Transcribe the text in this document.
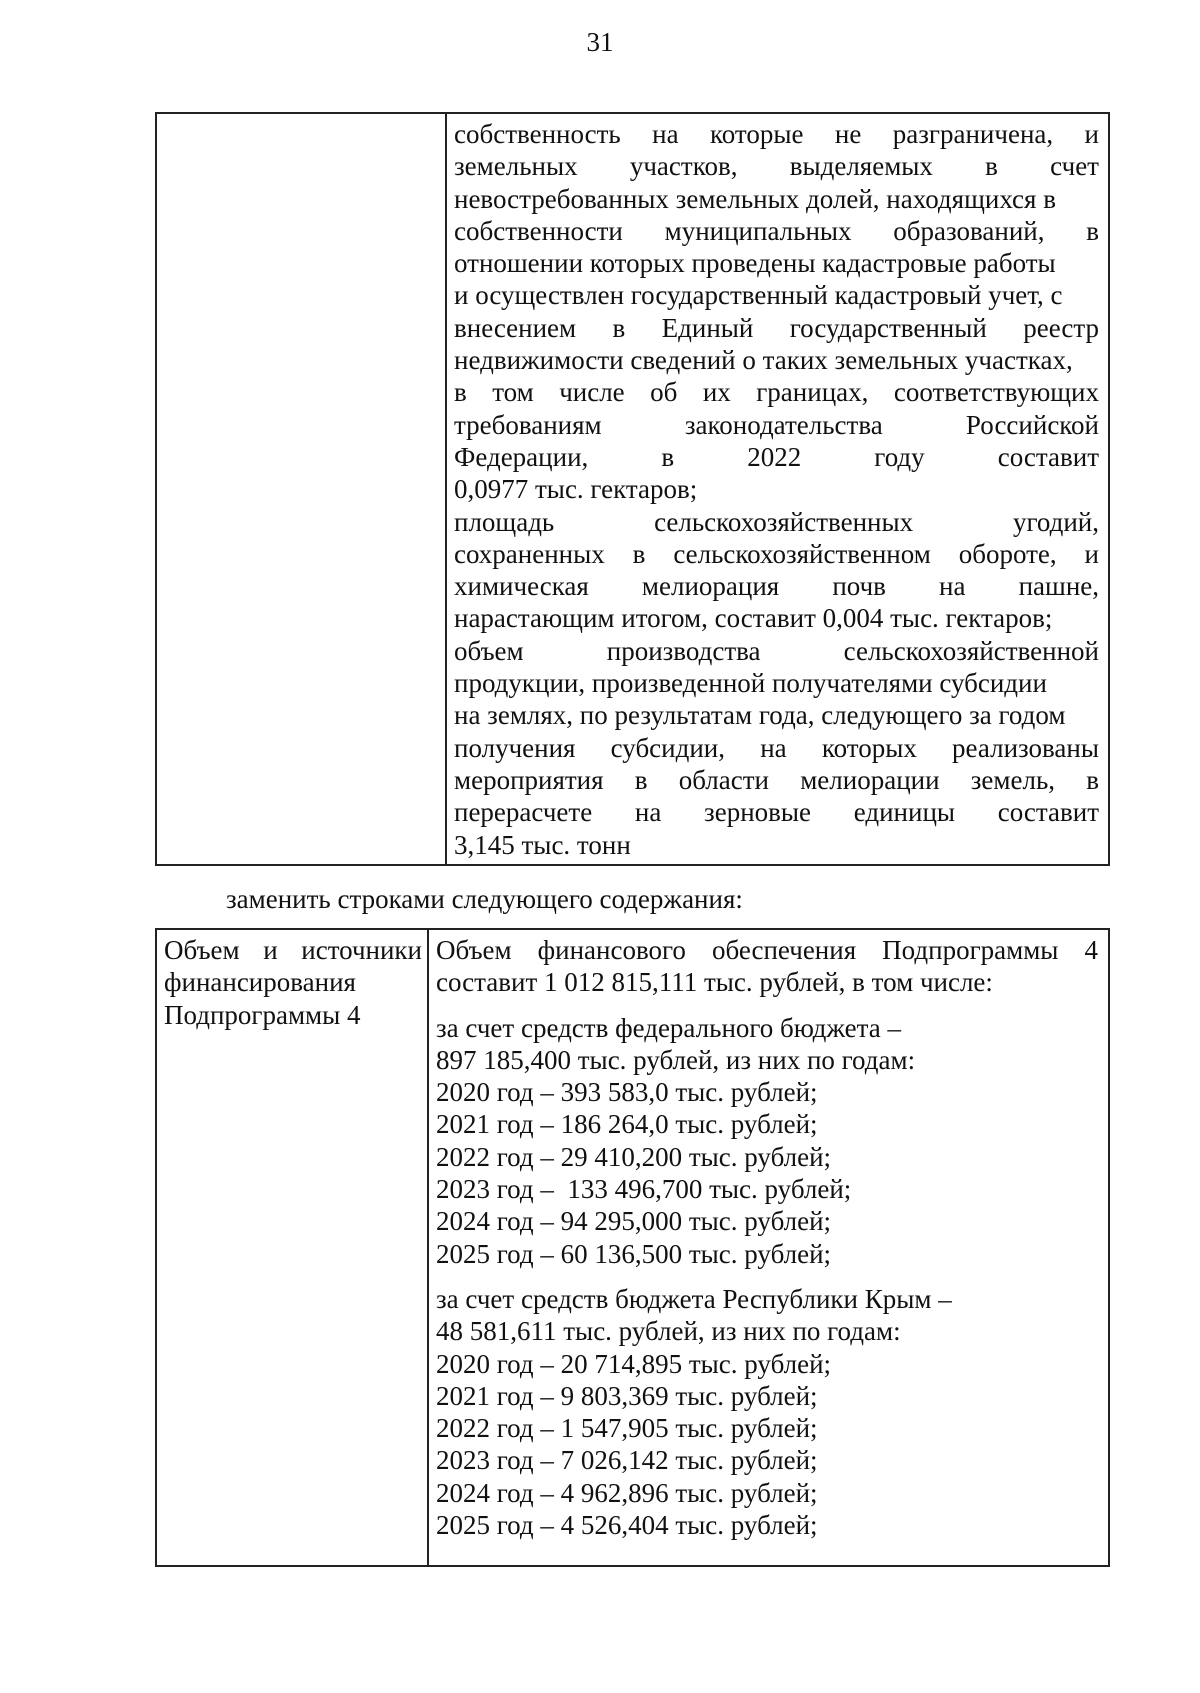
31
собственность на которые не разграничена, и
земельных участков, выделяемых в счет
невостребованных земельных долей, находящихся в
собственности муниципальных образований, в
отношении которых проведены кадастровые работы
и осуществлен государственный кадастровый учет, с
внесением в Единый государственный реестр
недвижимости сведений о таких земельных участках,
в том числе об их границах, соответствующих
требованиям законодательства Российской
Федерации, в 2022 году составит
0,0977 тыс. гектаров;
площадь сельскохозяйственных угодий,
сохраненных в сельскохозяйственном обороте, и
химическая мелиорация почв на пашне,
нарастающим итогом, составит 0,004 тыс. гектаров;
объем производства сельскохозяйственной
продукции, произведенной получателями субсидии
на землях, по результатам года, следующего за годом
получения субсидии, на которых реализованы
мероприятия в области мелиорации земель, в
перерасчете на зерновые единицы составит
3,145 тыс. тонн
заменить строками следующего содержания:
Объем и источники
финансирования
Подпрограммы 4
Объем финансового обеспечения Подпрограммы 4
составит 1 012 815,111 тыс. рублей, в том числе:
за счет средств федерального бюджета –
897 185,400 тыс. рублей, из них по годам:
2020 год – 393 583,0 тыс. рублей;
2021 год – 186 264,0 тыс. рублей;
2022 год – 29 410,200 тыс. рублей;
2023 год –  133 496,700 тыс. рублей;
2024 год – 94 295,000 тыс. рублей;
2025 год – 60 136,500 тыс. рублей;
за счет средств бюджета Республики Крым –
48 581,611 тыс. рублей, из них по годам:
2020 год – 20 714,895 тыс. рублей;
2021 год – 9 803,369 тыс. рублей;
2022 год – 1 547,905 тыс. рублей;
2023 год – 7 026,142 тыс. рублей;
2024 год – 4 962,896 тыс. рублей;
2025 год – 4 526,404 тыс. рублей;
